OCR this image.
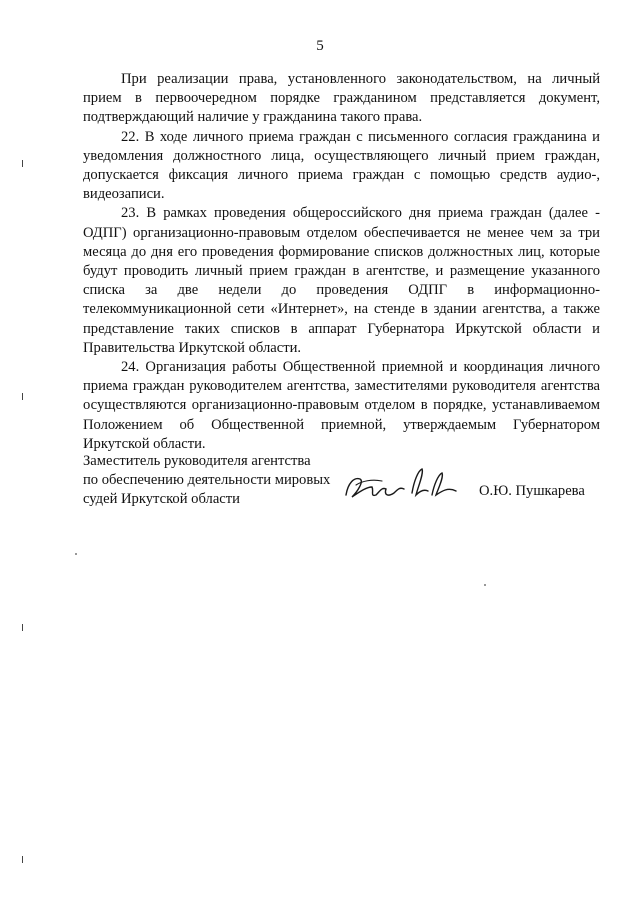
5

При реализации права, установленного законодательством, на личный прием в первоочередном порядке гражданином представляется документ, подтверждающий наличие у гражданина такого права.

22. В ходе личного приема граждан с письменного согласия гражданина и уведомления должностного лица, осуществляющего личный прием граждан, допускается фиксация личного приема граждан с помощью средств аудио-, видеозаписи.

23. В рамках проведения общероссийского дня приема граждан (далее - ОДПГ) организационно-правовым отделом обеспечивается не менее чем за три месяца до дня его проведения формирование списков должностных лиц, которые будут проводить личный прием граждан в агентстве, и размещение указанного списка за две недели до проведения ОДПГ в информационно-телекоммуникационной сети «Интернет», на стенде в здании агентства, а также представление таких списков в аппарат Губернатора Иркутской области и Правительства Иркутской области.

24. Организация работы Общественной приемной и координация личного приема граждан руководителем агентства, заместителями руководителя агентства осуществляются организационно-правовым отделом в порядке, устанавливаемом Положением об Общественной приемной, утверждаемым Губернатором Иркутской области.

Заместитель руководителя агентства
по обеспечению деятельности мировых
судей Иркутской области
О.Ю. Пушкарева
